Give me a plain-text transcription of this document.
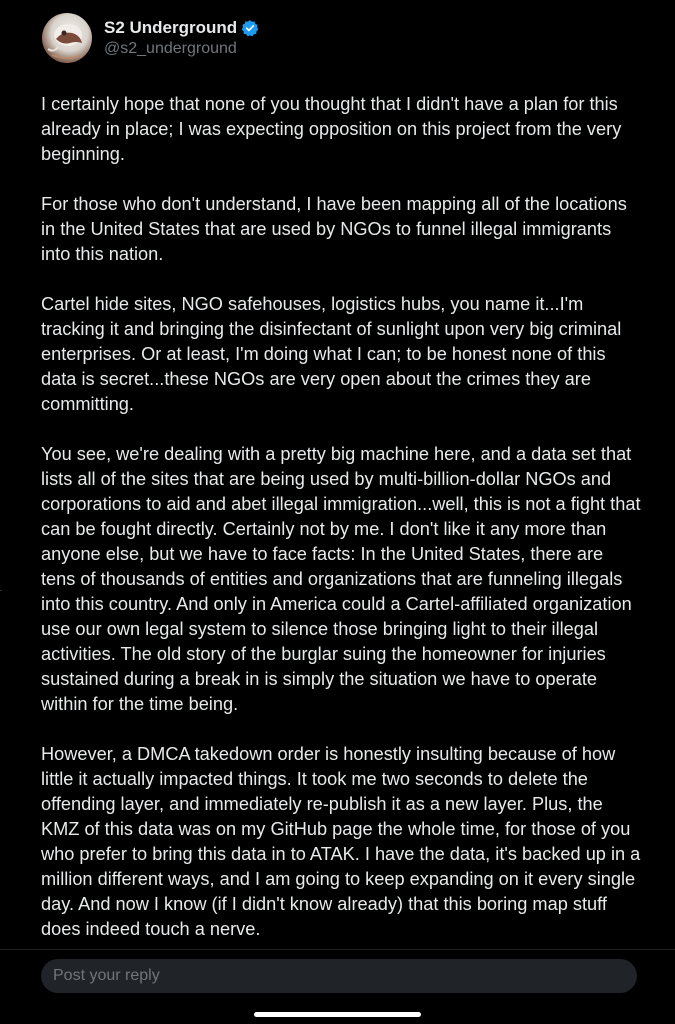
S2 Underground
@s2_underground

I certainly hope that none of you thought that I didn't have a plan for this already in place; I was expecting opposition on this project from the very beginning.

For those who don't understand, I have been mapping all of the locations in the United States that are used by NGOs to funnel illegal immigrants into this nation.

Cartel hide sites, NGO safehouses, logistics hubs, you name it...I'm tracking it and bringing the disinfectant of sunlight upon very big criminal enterprises. Or at least, I'm doing what I can; to be honest none of this data is secret...these NGOs are very open about the crimes they are committing.

You see, we're dealing with a pretty big machine here, and a data set that lists all of the sites that are being used by multi-billion-dollar NGOs and corporations to aid and abet illegal immigration...well, this is not a fight that can be fought directly. Certainly not by me. I don't like it any more than anyone else, but we have to face facts: In the United States, there are tens of thousands of entities and organizations that are funneling illegals into this country. And only in America could a Cartel-affiliated organization use our own legal system to silence those bringing light to their illegal activities. The old story of the burglar suing the homeowner for injuries sustained during a break in is simply the situation we have to operate within for the time being.

However, a DMCA takedown order is honestly insulting because of how little it actually impacted things. It took me two seconds to delete the offending layer, and immediately re-publish it as a new layer. Plus, the KMZ of this data was on my GitHub page the whole time, for those of you who prefer to bring this data in to ATAK. I have the data, it's backed up in a million different ways, and I am going to keep expanding on it every single day. And now I know (if I didn't know already) that this boring map stuff does indeed touch a nerve.

Post your reply
